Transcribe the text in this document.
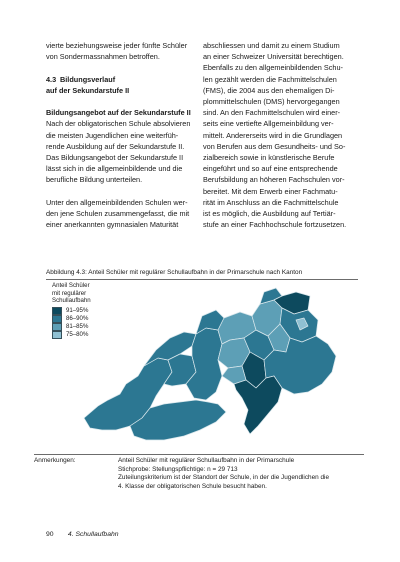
vierte beziehungsweise jeder fünfte Schüler

von Sondermassnahmen betroffen.

4.3 Bildungsverlauf

auf der Sekundarstufe II

Bildungsangebot auf der Sekundarstufe II

Nach der obligatorischen Schule absolvieren

die meisten Jugendlichen eine weiterfüh-

rende Ausbildung auf der Sekundarstufe II.

Das Bildungsangebot der Sekundarstufe II

lässt sich in die allgemeinbildende und die

berufliche Bildung unterteilen.

Unter den allgemeinbildenden Schulen wer-

den jene Schulen zusammengefasst, die mit

einer anerkannten gymnasialen Maturität

abschliessen und damit zu einem Studium

an einer Schweizer Universität berechtigen.

Ebenfalls zu den allgemeinbildenden Schu-

len gezählt werden die Fachmittelschulen

(FMS), die 2004 aus den ehemaligen Di-

plommittelschulen (DMS) hervorgegangen

sind. An den Fachmittelschulen wird einer-

seits eine vertiefte Allgemeinbildung ver-

mittelt. Andererseits wird in die Grundlagen

von Berufen aus dem Gesundheits- und So-

zialbereich sowie in künstlerische Berufe

eingeführt und so auf eine entsprechende

Berufsbildung an höheren Fachschulen vor-

bereitet. Mit dem Erwerb einer Fachmatu-

rität im Anschluss an die Fachmittelschule

ist es möglich, die Ausbildung auf Tertiär-

stufe an einer Fachhochschule fortzusetzen.

Abbildung 4.3: Anteil Schüler mit regulärer Schullaufbahn in der Primarschule nach Kanton
Anteil Schüler
mit regulärer
Schullaufbahn
91–95%
86–90%
81–85%
75–80%
Anmerkungen:	Anteil Schüler mit regulärer Schullaufbahn in der Primarschule
Stichprobe: Stellungspflichtige: n = 29 713
Zuteilungskriterium ist der Standort der Schule, in der die Jugendlichen die
4. Klasse der obligatorischen Schule besucht haben.
90 4. Schullaufbahn
